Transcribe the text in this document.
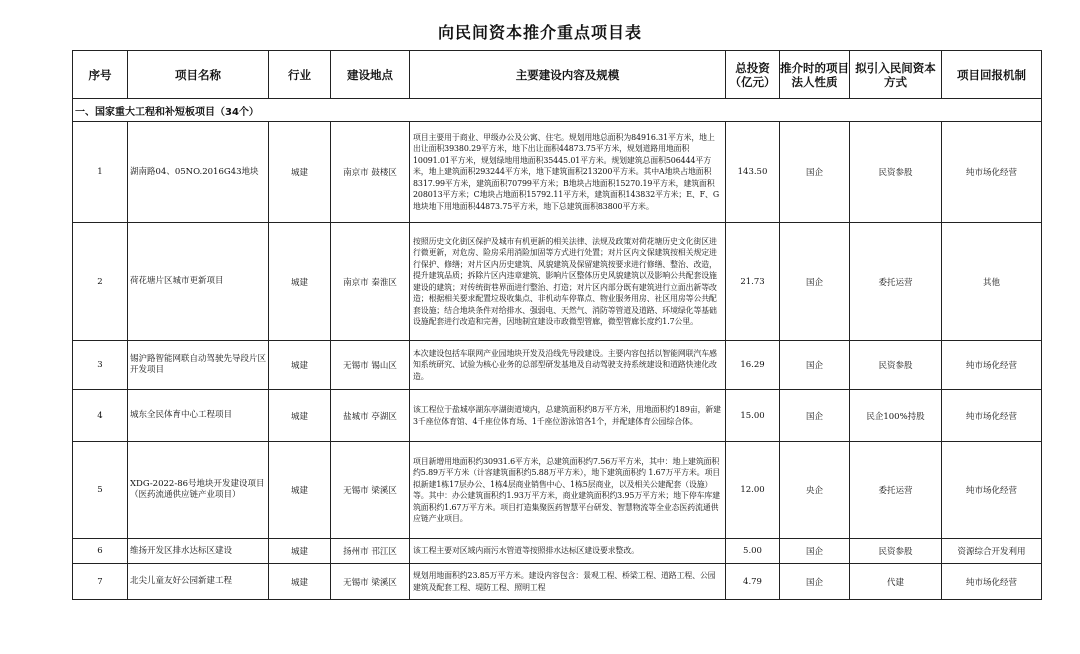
向民间资本推介重点项目表
序号	项目名称	行业	建设地点	主要建设内容及规模	总投资（亿元）	推介时的项目法人性质	拟引入民间资本方式	项目回报机制
一、国家重大工程和补短板项目（34个）								
1	湖南路04、05NO.2016G43地块	城建	南京市 鼓楼区	项目主要用于商业、甲级办公及公寓、住宅。规划用地总面积为84916.31平方米，地上出让面积39380.29平方米，地下出让面积44873.75平方米，规划道路用地面积10091.01平方米，规划绿地用地面积35445.01平方米。规划建筑总面积506444平方米，地上建筑面积293244平方米，地下建筑面积213200平方米。其中A地块占地面积8317.99平方米，建筑面积70799平方米；B地块占地面积15270.19平方米，建筑面积208013平方米；C地块占地面积15792.11平方米，建筑面积143832平方米；E、F、G地块地下用地面积44873.75平方米，地下总建筑面积83800平方米。	143.50	国企	民资参股	纯市场化经营
2	荷花塘片区城市更新项目	城建	南京市 秦淮区	按照历史文化街区保护及城市有机更新的相关法律、法规及政策对荷花塘历史文化街区进行微更新，对危房、险房采用消险加固等方式进行处置；对片区内文保建筑按相关规定进行保护、修缮；对片区内历史建筑、风貌建筑及保留建筑按要求进行修缮、整治、改造，提升建筑品质；拆除片区内违章建筑、影响片区整体历史风貌建筑以及影响公共配套设施建设的建筑；对传统街巷界面进行整治、打造；对片区内部分既有建筑进行立面出新等改造；根据相关要求配置垃圾收集点、非机动车停靠点、物业服务用房、社区用房等公共配套设施；结合地块条件对给排水、强弱电、天然气、消防等管道及道路、环境绿化等基础设施配套进行改造和完善，因地制宜建设市政微型管廊，微型管廊长度约1.7公里。	21.73	国企	委托运营	其他
3	锡沪路智能网联自动驾驶先导段片区开发项目	城建	无锡市 锡山区	本次建设包括车联网产业园地块开发及沿线先导段建设。主要内容包括以智能网联汽车感知系统研究、试验为核心业务的总部型研发基地及自动驾驶支持系统建设和道路快速化改造。	16.29	国企	民资参股	纯市场化经营
4	城东全民体育中心工程项目	城建	盐城市 亭湖区	该工程位于盐城亭湖东亭湖街道境内，总建筑面积约8万平方米，用地面积约189亩，新建3千座位体育馆、4千座位体育场、1千座位游泳馆各1个，并配建体育公园综合体。	15.00	国企	民企100%持股	纯市场化经营
5	XDG-2022-86号地块开发建设项目（医药流通供应链产业项目）	城建	无锡市 梁溪区	项目新增用地面积约30931.6平方米，总建筑面积约7.56万平方米，其中：地上建筑面积约5.89万平方米（计容建筑面积约5.88万平方米），地下建筑面积约 1.67万平方米。项目拟新建1栋17层办公、1栋4层商业销售中心、1栋5层商业，以及相关公建配套（设施）等。其中：办公建筑面积约1.93万平方米，商业建筑面积约3.95万平方米；地下停车库建筑面积约1.67万平方米。项目打造集聚医药智慧平台研发、智慧物流等全业态医药流通供应链产业项目。	12.00	央企	委托运营	纯市场化经营
6	维扬开发区排水达标区建设	城建	扬州市 邗江区	该工程主要对区域内雨污水管道等按照排水达标区建设要求整改。	5.00	国企	民资参股	资源综合开发利用
7	北尖儿童友好公园新建工程	城建	无锡市 梁溪区	规划用地面积约23.85万平方米。建设内容包含：景观工程、桥梁工程、道路工程、公园建筑及配套工程、堤防工程、照明工程	4.79	国企	代建	纯市场化经营
